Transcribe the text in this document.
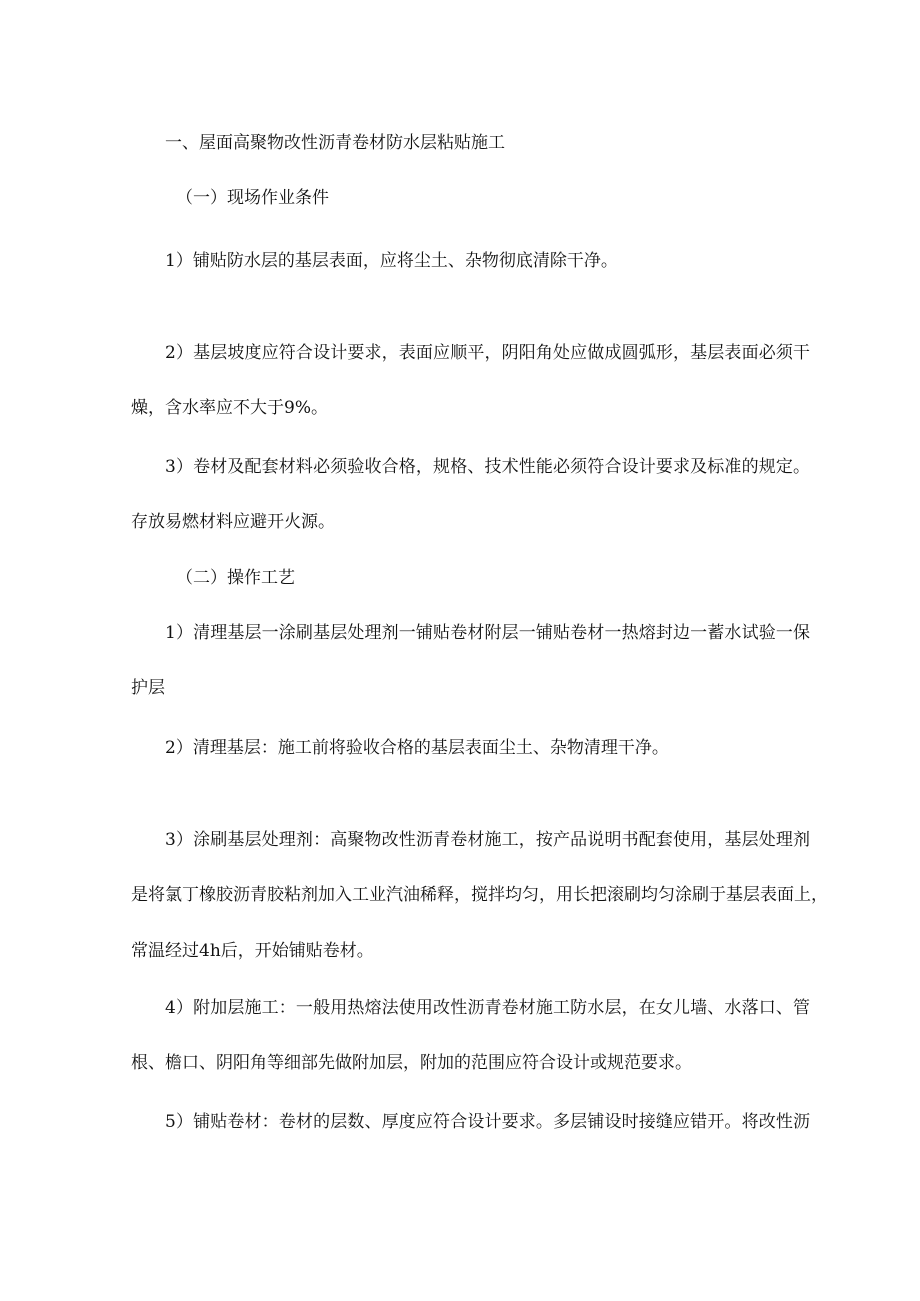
一、屋面高聚物改性沥青卷材防水层粘贴施工

（一）现场作业条件

1）铺贴防水层的基层表面，应将尘土、杂物彻底清除干净。

2）基层坡度应符合设计要求，表面应顺平，阴阳角处应做成圆弧形，基层表面必须干

燥，含水率应不大于9%。

3）卷材及配套材料必须验收合格，规格、技术性能必须符合设计要求及标准的规定。

存放易燃材料应避开火源。

（二）操作工艺

1）清理基层一涂刷基层处理剂一铺贴卷材附层一铺贴卷材一热熔封边一蓄水试验一保

护层

2）清理基层：施工前将验收合格的基层表面尘土、杂物清理干净。

3）涂刷基层处理剂：高聚物改性沥青卷材施工，按产品说明书配套使用，基层处理剂

是将氯丁橡胶沥青胶粘剂加入工业汽油稀释，搅拌均匀，用长把滚刷均匀涂刷于基层表面上，

常温经过4h后，开始铺贴卷材。

4）附加层施工：一般用热熔法使用改性沥青卷材施工防水层，在女儿墙、水落口、管

根、檐口、阴阳角等细部先做附加层，附加的范围应符合设计或规范要求。

5）铺贴卷材：卷材的层数、厚度应符合设计要求。多层铺设时接缝应错开。将改性沥
